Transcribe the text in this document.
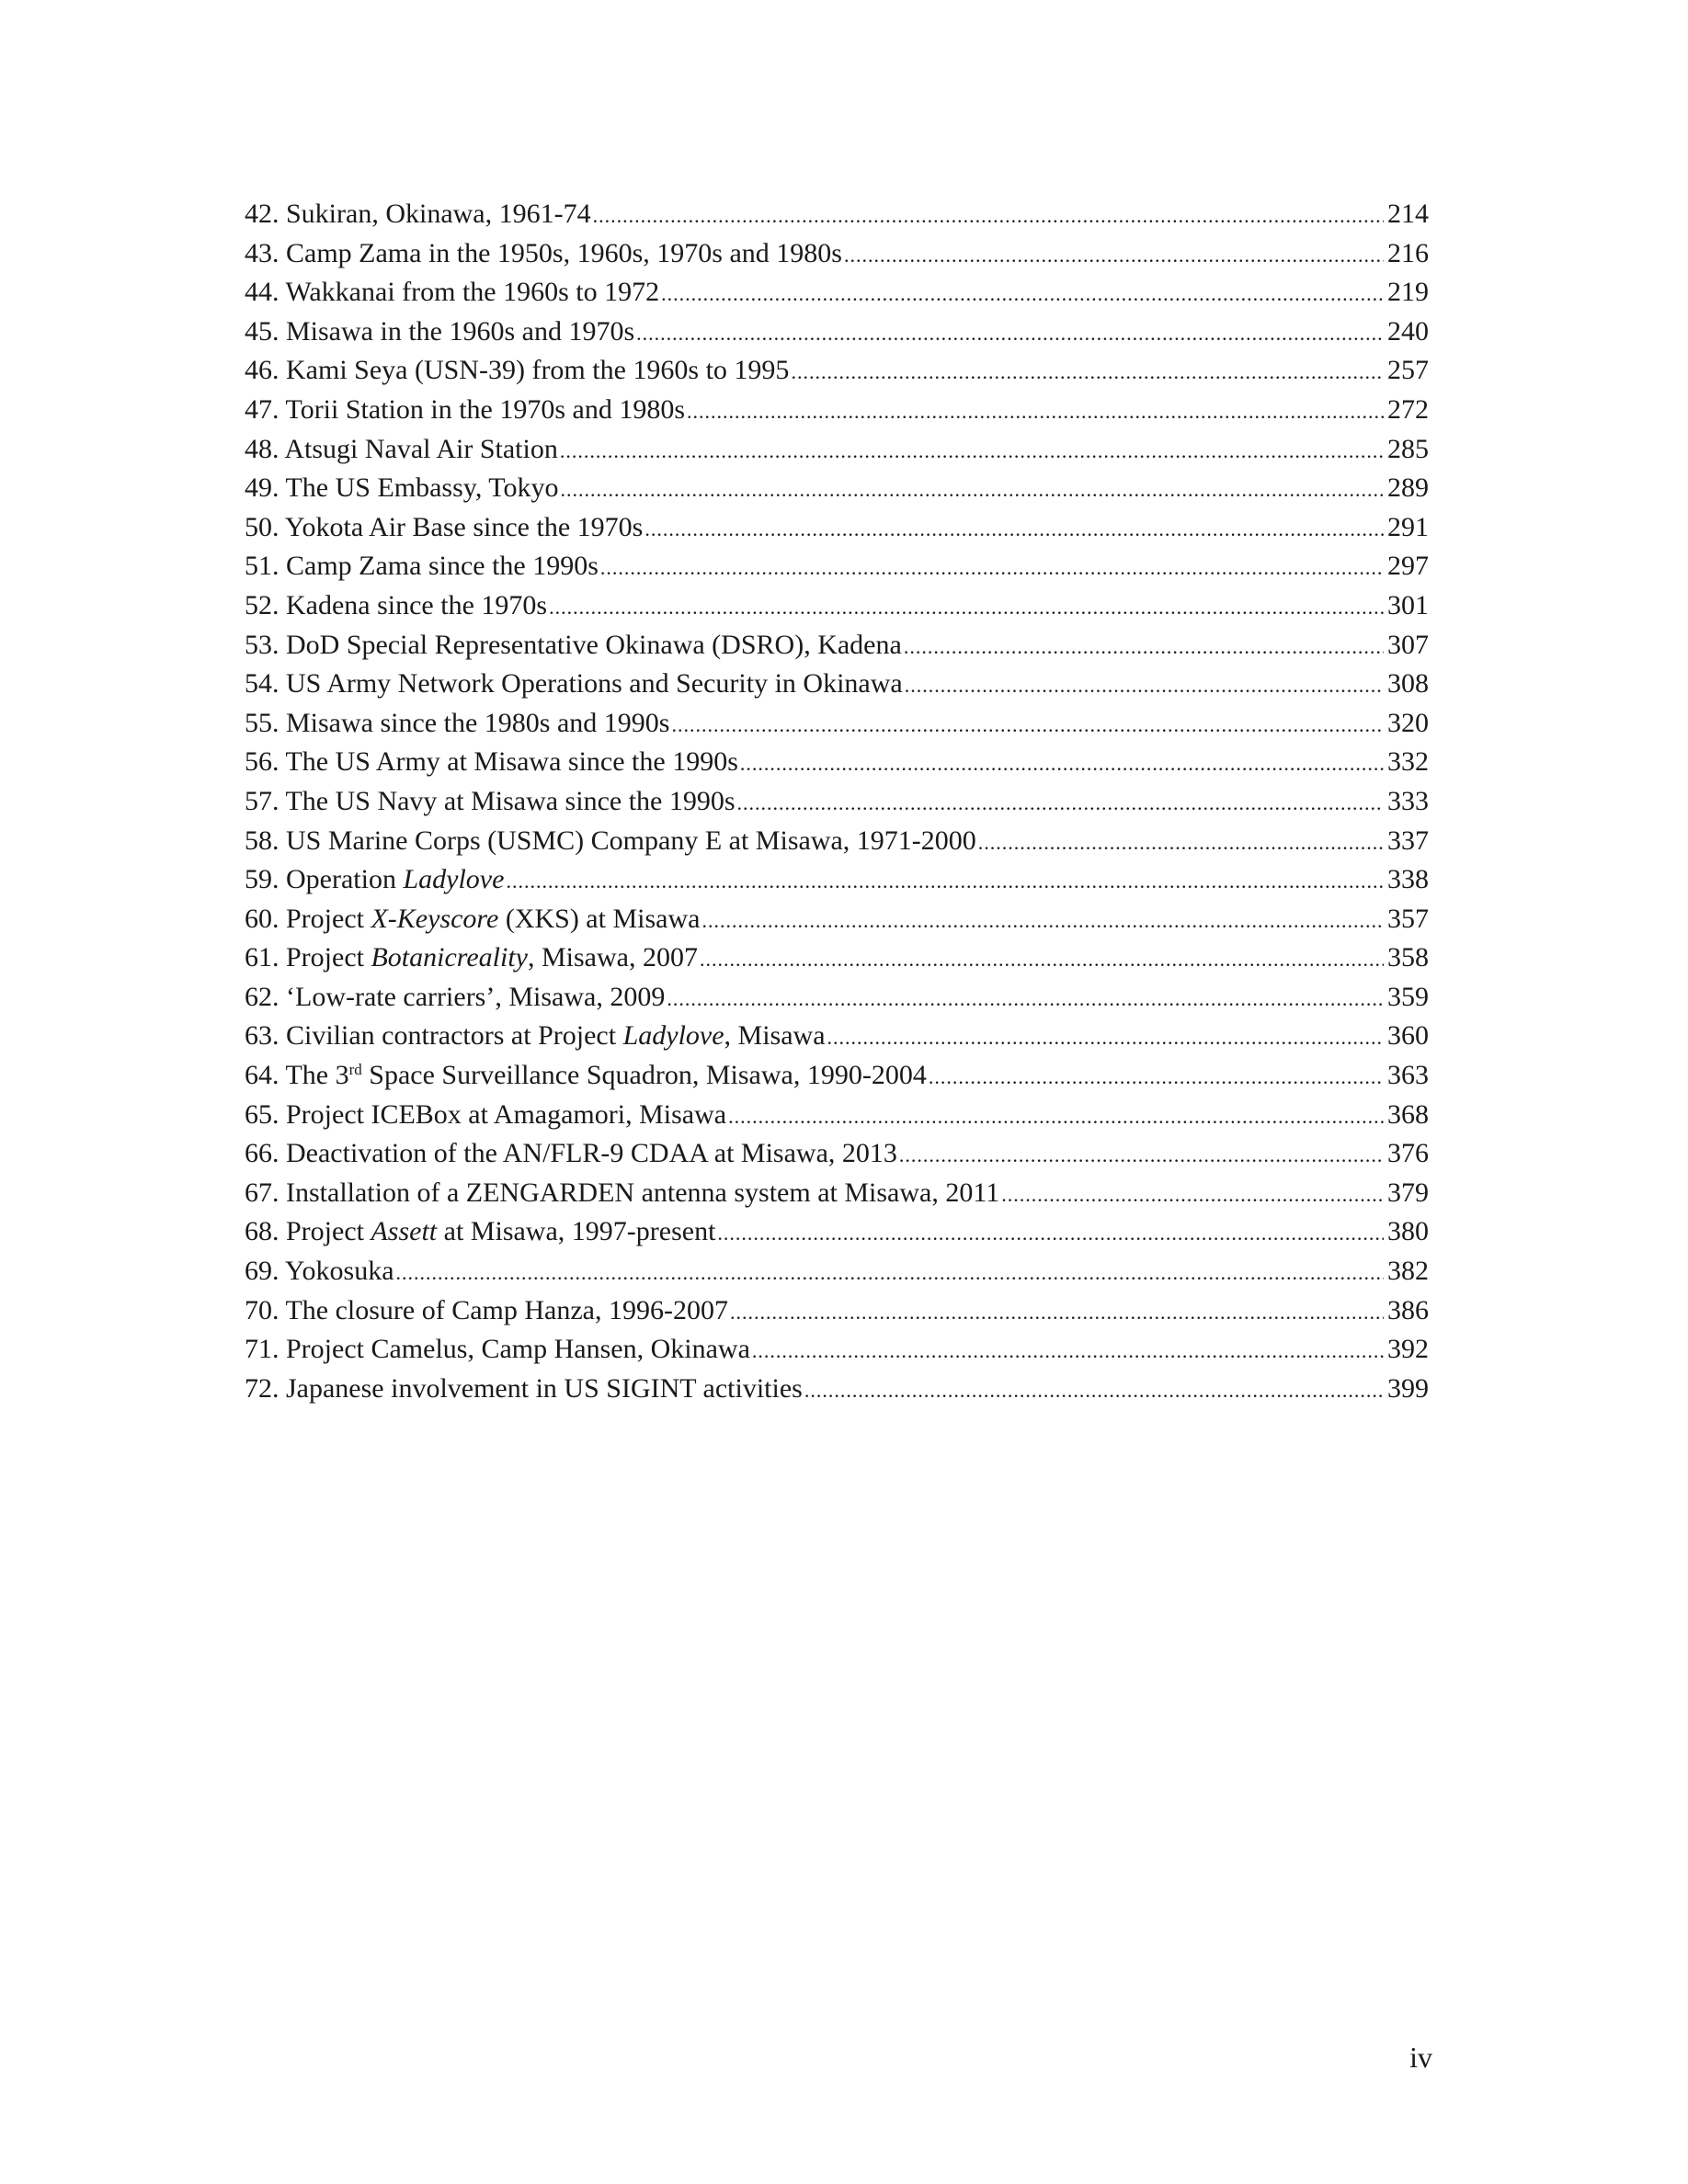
42. Sukiran, Okinawa, 1961-74 .....	214
43. Camp Zama in the 1950s, 1960s, 1970s and 1980s .....	216
44. Wakkanai from the 1960s to 1972 .....	219
45. Misawa in the 1960s and 1970s .....	240
46. Kami Seya (USN-39) from the 1960s to 1995 .....	257
47. Torii Station in the 1970s and 1980s .....	272
48. Atsugi Naval Air Station .....	285
49. The US Embassy, Tokyo .....	289
50. Yokota Air Base since the 1970s .....	291
51. Camp Zama since the 1990s .....	297
52. Kadena since the 1970s .....	301
53. DoD Special Representative Okinawa (DSRO), Kadena .....	307
54. US Army Network Operations and Security in Okinawa .....	308
55. Misawa since the 1980s and 1990s .....	320
56. The US Army at Misawa since the 1990s .....	332
57. The US Navy at Misawa since the 1990s .....	333
58. US Marine Corps (USMC) Company E at Misawa, 1971-2000 .....	337
59. Operation Ladylove .....	338
60. Project X-Keyscore (XKS) at Misawa .....	357
61. Project Botanicreality, Misawa, 2007 .....	358
62. ‘Low-rate carriers’, Misawa, 2009 .....	359
63. Civilian contractors at Project Ladylove, Misawa .....	360
64. The 3rd Space Surveillance Squadron, Misawa, 1990-2004 .....	363
65. Project ICEBox at Amagamori, Misawa .....	368
66. Deactivation of the AN/FLR-9 CDAA at Misawa, 2013 .....	376
67. Installation of a ZENGARDEN antenna system at Misawa, 2011 .....	379
68. Project Assett at Misawa, 1997-present .....	380
69. Yokosuka .....	382
70. The closure of Camp Hanza, 1996-2007 .....	386
71. Project Camelus, Camp Hansen, Okinawa .....	392
72. Japanese involvement in US SIGINT activities .....	399
iv
